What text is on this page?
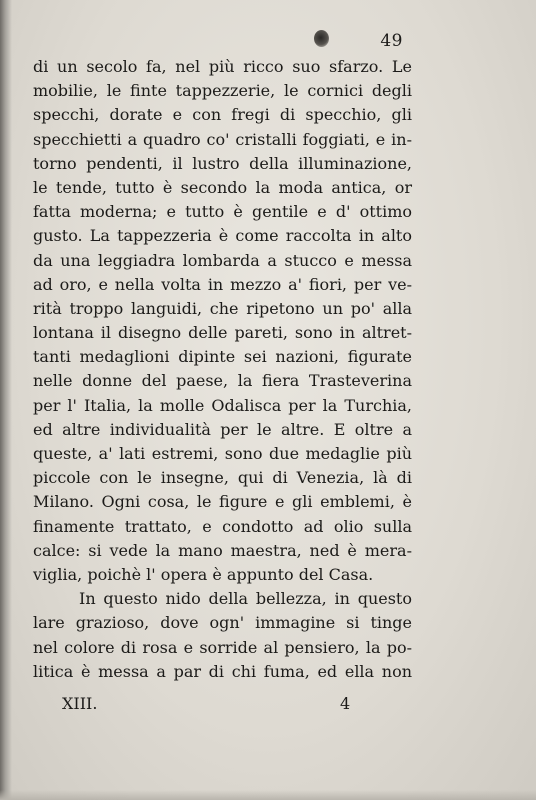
49
di un secolo fa, nel più ricco suo sfarzo. Le
mobilie, le finte tappezzerie, le cornici degli
specchi, dorate e con fregi di specchio, gli
specchietti a quadro co' cristalli foggiati, e in-
torno pendenti, il lustro della illuminazione,
le tende, tutto è secondo la moda antica, or
fatta moderna; e tutto è gentile e d' ottimo
gusto. La tappezzeria è come raccolta in alto
da una leggiadra lombarda a stucco e messa
ad oro, e nella volta in mezzo a' fiori, per ve-
rità troppo languidi, che ripetono un po' alla
lontana il disegno delle pareti, sono in altret-
tanti medaglioni dipinte sei nazioni, figurate
nelle donne del paese, la fiera Trasteverina
per l' Italia, la molle Odalisca per la Turchia,
ed altre individualità per le altre. E oltre a
queste, a' lati estremi, sono due medaglie più
piccole con le insegne, qui di Venezia, là di
Milano. Ogni cosa, le figure e gli emblemi, è
finamente trattato, e condotto ad olio sulla
calce: si vede la mano maestra, ned è mera-
viglia, poichè l' opera è appunto del Casa.
In questo nido della bellezza, in questo
lare grazioso, dove ogn' immagine si tinge
nel colore di rosa e sorride al pensiero, la po-
litica è messa a par di chi fuma, ed ella non
XIII.	4
